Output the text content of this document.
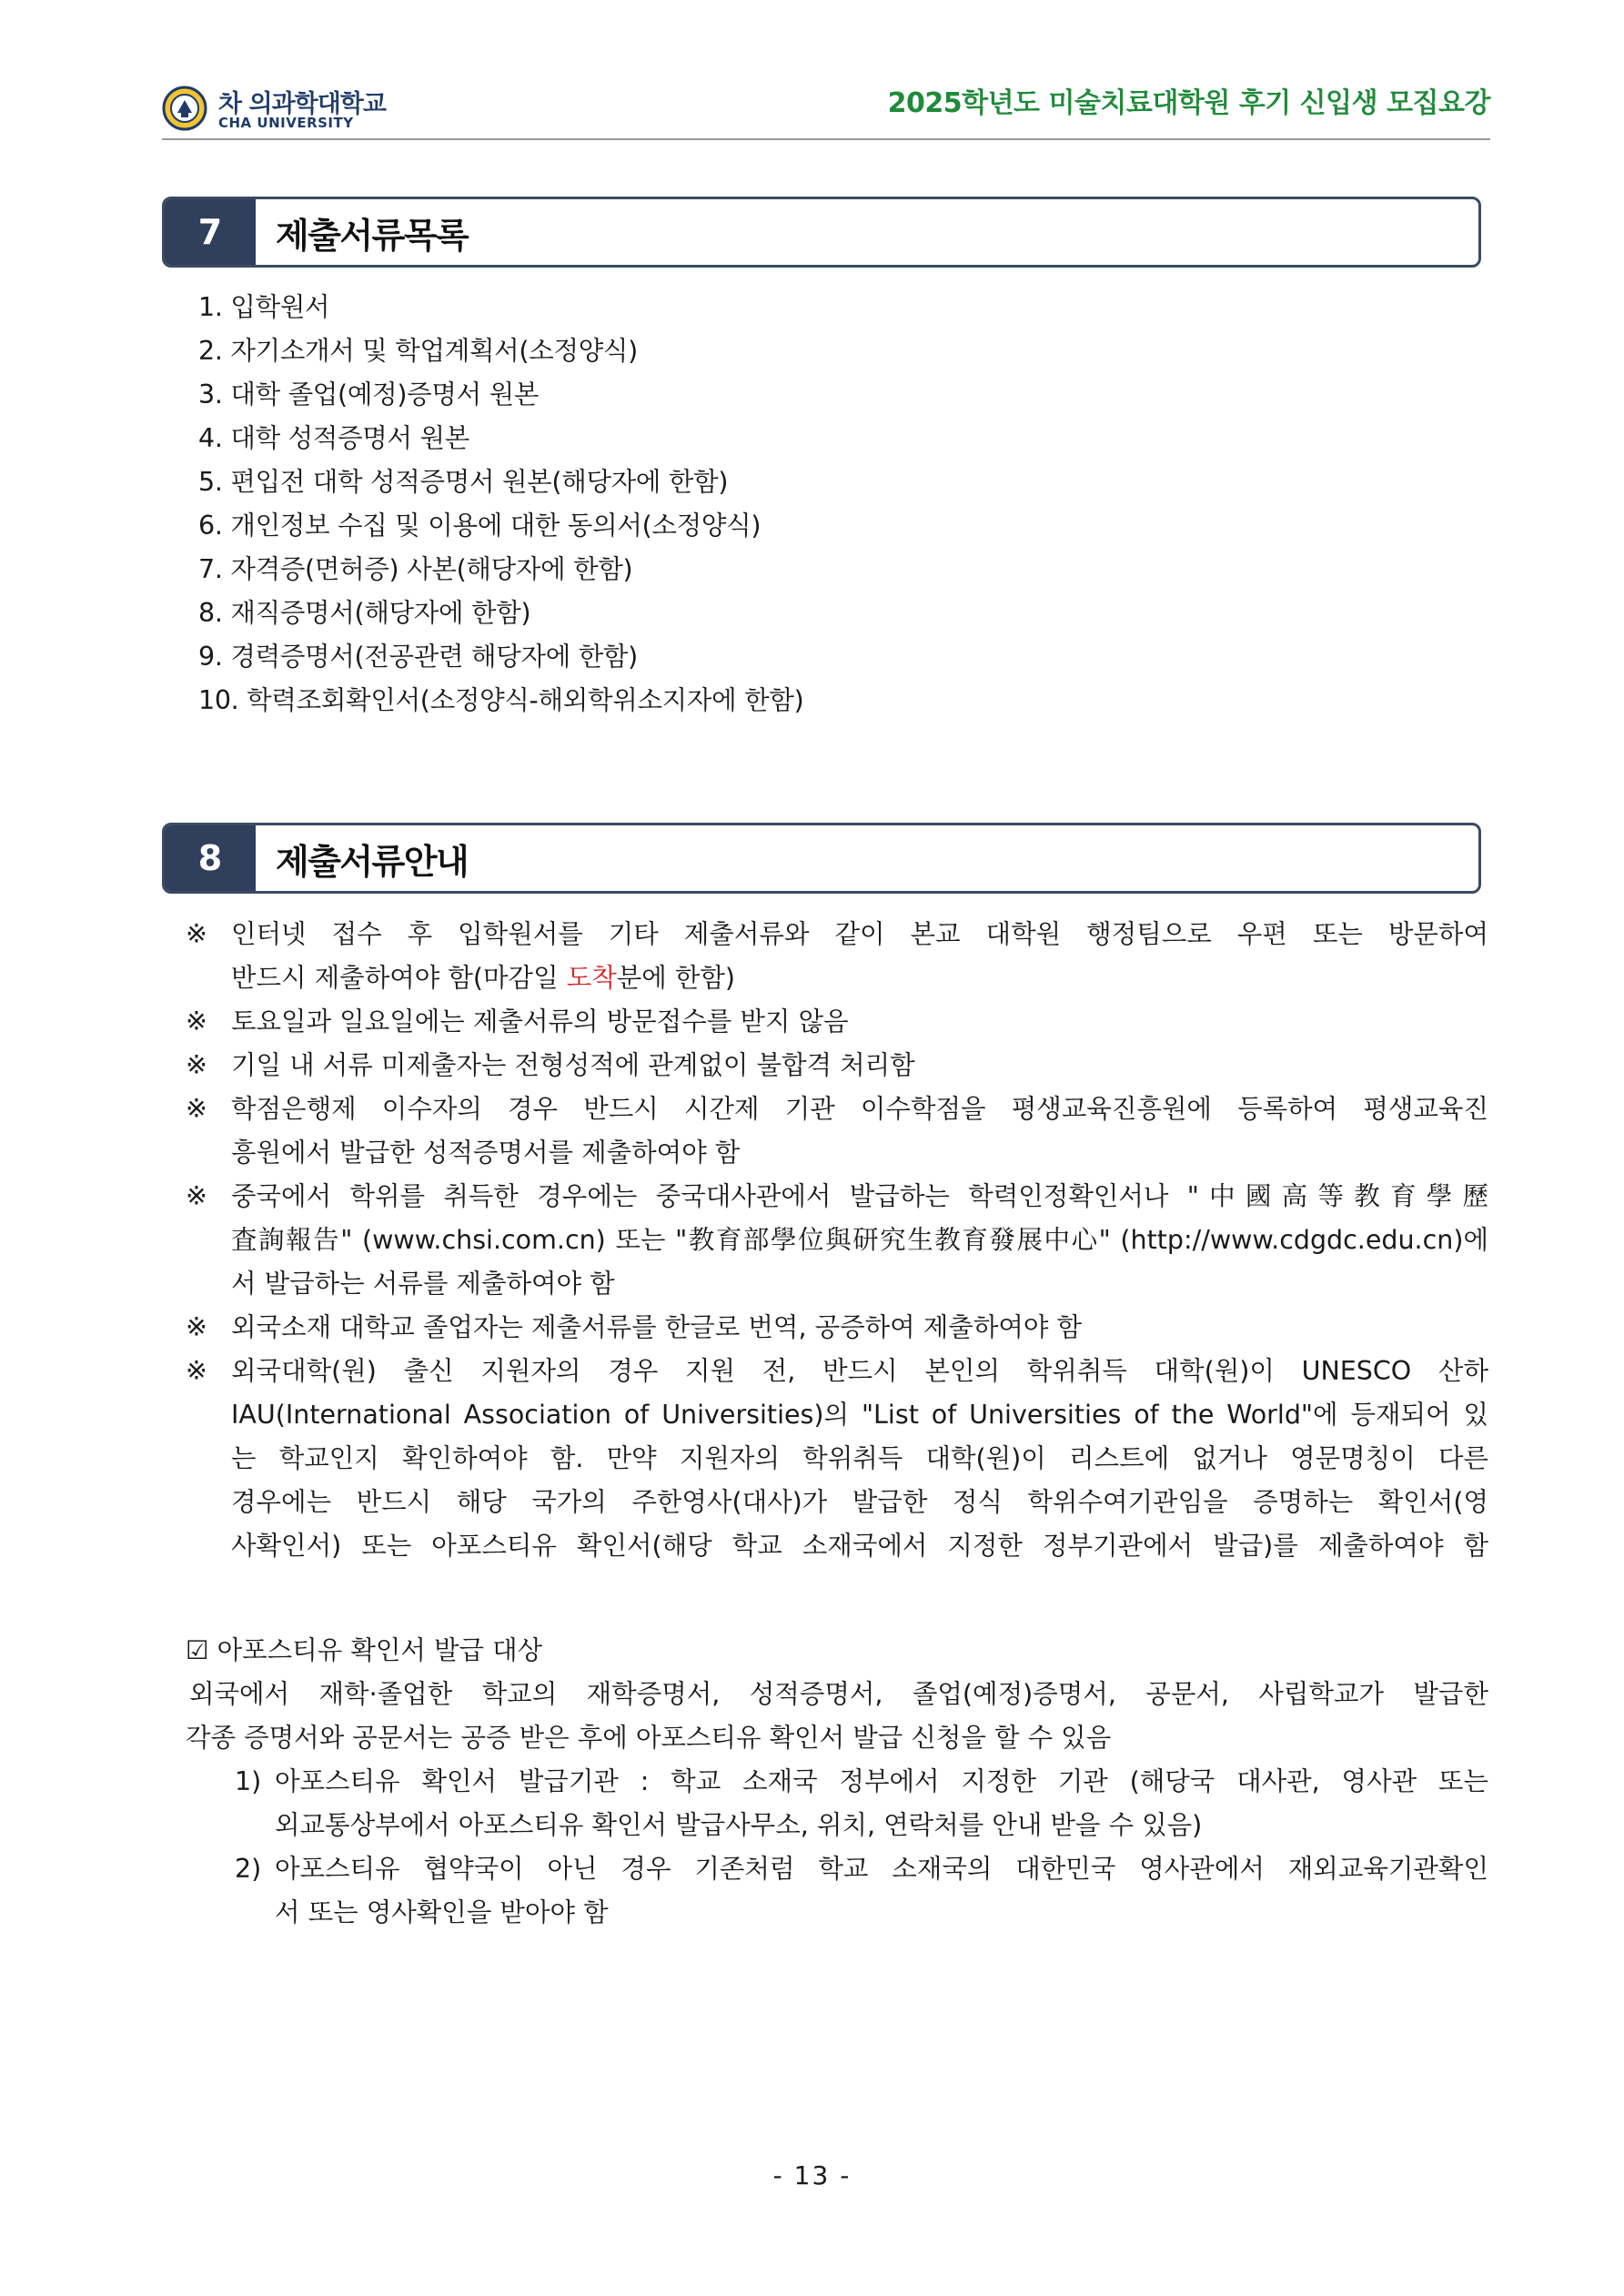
차 의과학대학교
CHA UNIVERSITY
2025학년도 미술치료대학원 후기 신입생 모집요강
7	제출서류목록
1. 입학원서
2. 자기소개서 및 학업계획서(소정양식)
3. 대학 졸업(예정)증명서 원본
4. 대학 성적증명서 원본
5. 편입전 대학 성적증명서 원본(해당자에 한함)
6. 개인정보 수집 및 이용에 대한 동의서(소정양식)
7. 자격증(면허증) 사본(해당자에 한함)
8. 재직증명서(해당자에 한함)
9. 경력증명서(전공관련 해당자에 한함)
10. 학력조회확인서(소정양식-해외학위소지자에 한함)
8	제출서류안내
※ 인터넷 접수 후 입학원서를 기타 제출서류와 같이 본교 대학원 행정팀으로 우편 또는 방문하여
반드시 제출하여야 함(마감일 도착분에 한함)
※ 토요일과 일요일에는 제출서류의 방문접수를 받지 않음
※ 기일 내 서류 미제출자는 전형성적에 관계없이 불합격 처리함
※ 학점은행제 이수자의 경우 반드시 시간제 기관 이수학점을 평생교육진흥원에 등록하여 평생교육진
흥원에서 발급한 성적증명서를 제출하여야 함
※ 중국에서 학위를 취득한 경우에는 중국대사관에서 발급하는 학력인정확인서나 "中國高等教育學歷
査詢報告" (www.chsi.com.cn) 또는 "教育部學位與研究生教育發展中心" (http://www.cdgdc.edu.cn)에
서 발급하는 서류를 제출하여야 함
※ 외국소재 대학교 졸업자는 제출서류를 한글로 번역, 공증하여 제출하여야 함
※ 외국대학(원) 출신 지원자의 경우 지원 전, 반드시 본인의 학위취득 대학(원)이 UNESCO 산하
IAU(International Association of Universities)의 "List of Universities of the World"에 등재되어 있
는 학교인지 확인하여야 함. 만약 지원자의 학위취득 대학(원)이 리스트에 없거나 영문명칭이 다른
경우에는 반드시 해당 국가의 주한영사(대사)가 발급한 정식 학위수여기관임을 증명하는 확인서(영
사확인서) 또는 아포스티유 확인서(해당 학교 소재국에서 지정한 정부기관에서 발급)를 제출하여야 함
☑ 아포스티유 확인서 발급 대상
외국에서 재학·졸업한 학교의 재학증명서, 성적증명서, 졸업(예정)증명서, 공문서, 사립학교가 발급한
각종 증명서와 공문서는 공증 받은 후에 아포스티유 확인서 발급 신청을 할 수 있음
1) 아포스티유 확인서 발급기관 : 학교 소재국 정부에서 지정한 기관 (해당국 대사관, 영사관 또는
외교통상부에서 아포스티유 확인서 발급사무소, 위치, 연락처를 안내 받을 수 있음)
2) 아포스티유 협약국이 아닌 경우 기존처럼 학교 소재국의 대한민국 영사관에서 재외교육기관확인
서 또는 영사확인을 받아야 함
- 13 -
